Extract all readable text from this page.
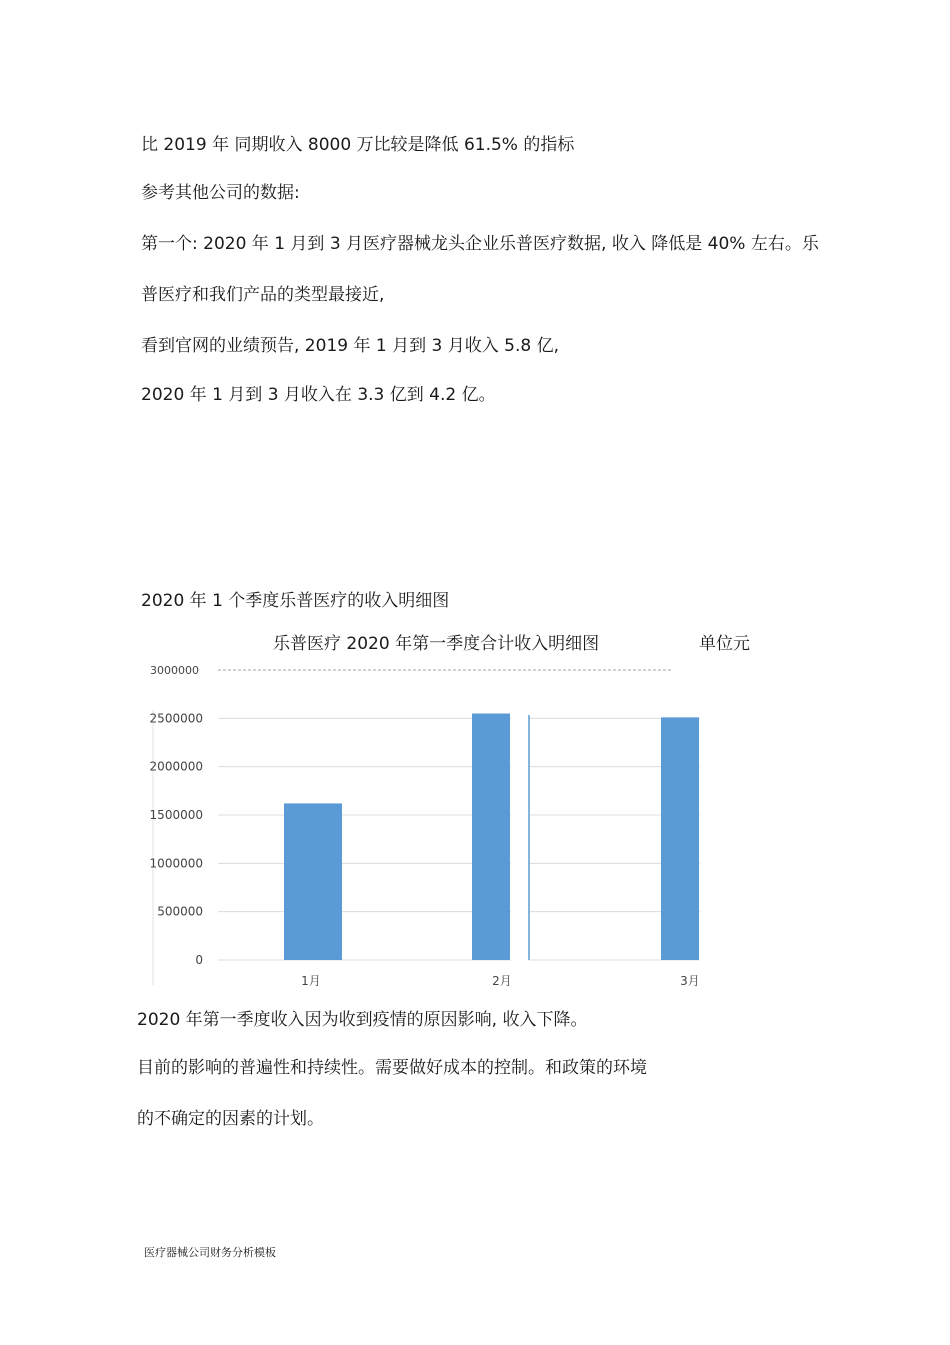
比 2019 年 同期收入 8000 万比较是降低 61.5% 的指标
参考其他公司的数据:
第一个: 2020 年 1 月到 3 月医疗器械龙头企业乐普医疗数据, 收入 降低是 40% 左右。乐
普医疗和我们产品的类型最接近,
看到官网的业绩预告, 2019 年 1 月到 3 月收入 5.8 亿,
2020 年 1 月到 3 月收入在 3.3 亿到 4.2 亿。
2020 年 1 个季度乐普医疗的收入明细图
乐普医疗 2020 年第一季度合计收入明细图	单位元
0
500000
1000000
1500000
2000000
2500000
3000000
1月	2月	3月
2020 年第一季度收入因为收到疫情的原因影响, 收入下降。
目前的影响的普遍性和持续性。需要做好成本的控制。和政策的环境
的不确定的因素的计划。
医疗器械公司财务分析模板
